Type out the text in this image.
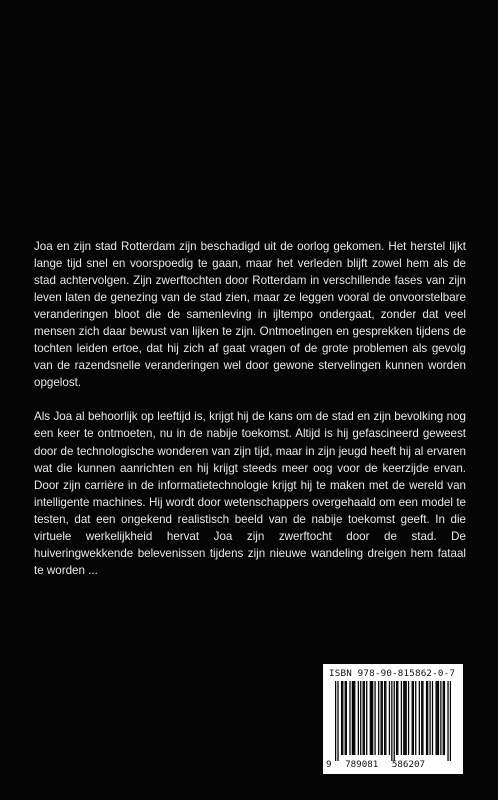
Joa en zijn stad Rotterdam zijn beschadigd uit de oorlog gekomen. Het herstel lijkt lange tijd snel en voorspoedig te gaan, maar het verleden blijft zowel hem als de stad achtervolgen. Zijn zwerftochten door Rotterdam in verschillende fases van zijn leven laten de genezing van de stad zien, maar ze leggen vooral de onvoorstelbare veranderingen bloot die de samenleving in ijltempo ondergaat, zonder dat veel mensen zich daar bewust van lijken te zijn. Ontmoetingen en gesprekken tijdens de tochten leiden ertoe, dat hij zich af gaat vragen of de grote problemen als gevolg van de razendsnelle veranderingen wel door gewone stervelingen kunnen worden opgelost.

Als Joa al behoorlijk op leeftijd is, krijgt hij de kans om de stad en zijn bevolking nog een keer te ontmoeten, nu in de nabije toekomst. Altijd is hij gefascineerd geweest door de technologische wonderen van zijn tijd, maar in zijn jeugd heeft hij al ervaren wat die kunnen aanrichten en hij krijgt steeds meer oog voor de keerzijde ervan. Door zijn carrière in de informatietechnologie krijgt hij te maken met de wereld van intelligente machines. Hij wordt door wetenschappers overgehaald om een model te testen, dat een ongekend realistisch beeld van de nabije toekomst geeft. In die virtuele werkelijkheid hervat Joa zijn zwerftocht door de stad. De huiveringwekkende belevenissen tijdens zijn nieuwe wandeling dreigen hem fataal te worden ...

ISBN 978-90-815862-0-7
9 789081 586207
